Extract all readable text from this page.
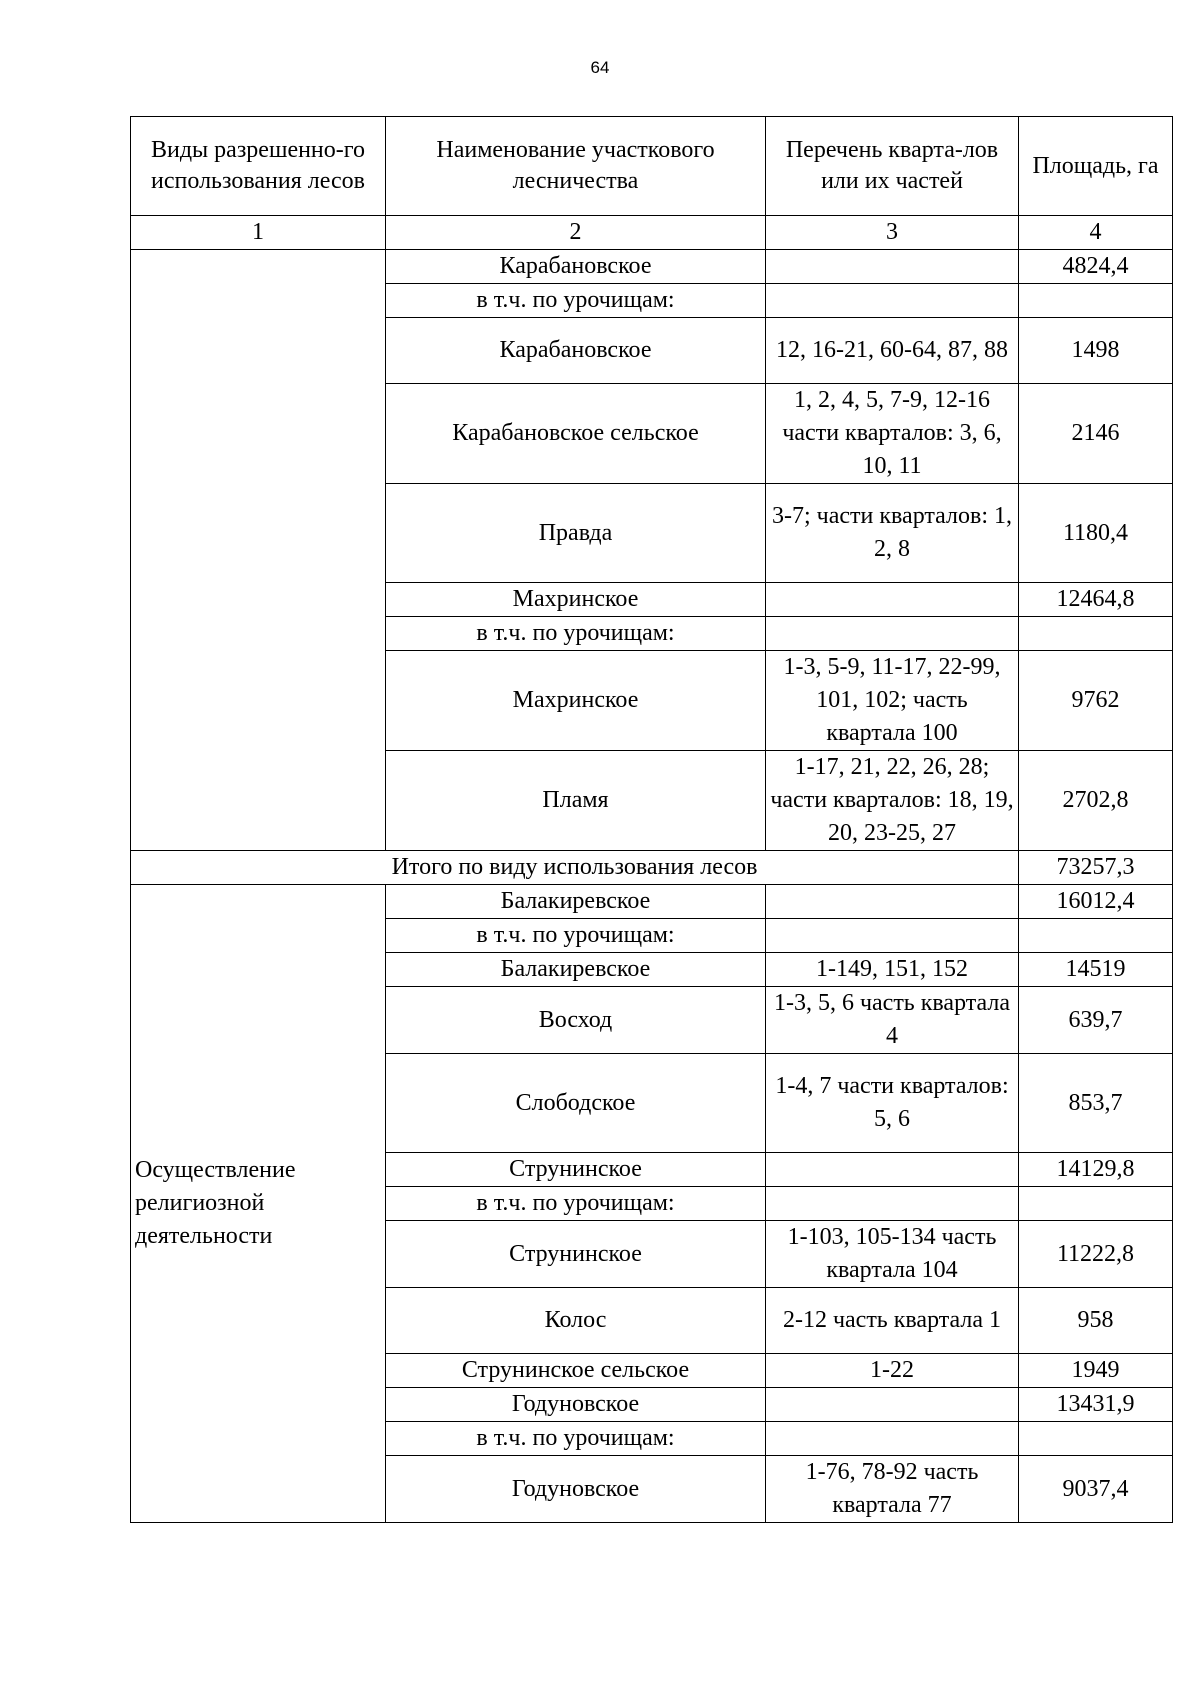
64
Виды разрешенно-го использования лесов	Наименование участкового лесничества	Перечень кварта-лов или их частей	Площадь, га
1	2	3	4
	Карабановское		4824,4
	в т.ч. по урочищам:		
	Карабановское	12, 16-21, 60-64, 87, 88	1498
	Карабановское сельское	1, 2, 4, 5, 7-9, 12-16 части кварталов: 3, 6, 10, 11	2146
	Правда	3-7; части кварталов: 1, 2, 8	1180,4
	Махринское		12464,8
	в т.ч. по урочищам:		
	Махринское	1-3, 5-9, 11-17, 22-99, 101, 102; часть квартала 100	9762
	Пламя	1-17, 21, 22, 26, 28; части кварталов: 18, 19, 20, 23-25, 27	2702,8
Итого по виду использования лесов			73257,3
Осуществление религиозной деятельности	Балакиревское		16012,4
	в т.ч. по урочищам:		
	Балакиревское	1-149, 151, 152	14519
	Восход	1-3, 5, 6 часть квартала 4	639,7
	Слободское	1-4, 7 части кварталов: 5, 6	853,7
	Струнинское		14129,8
	в т.ч. по урочищам:		
	Струнинское	1-103, 105-134 часть квартала 104	11222,8
	Колос	2-12 часть квартала 1	958
	Струнинское сельское	1-22	1949
	Годуновское		13431,9
	в т.ч. по урочищам:		
	Годуновское	1-76, 78-92 часть квартала 77	9037,4
